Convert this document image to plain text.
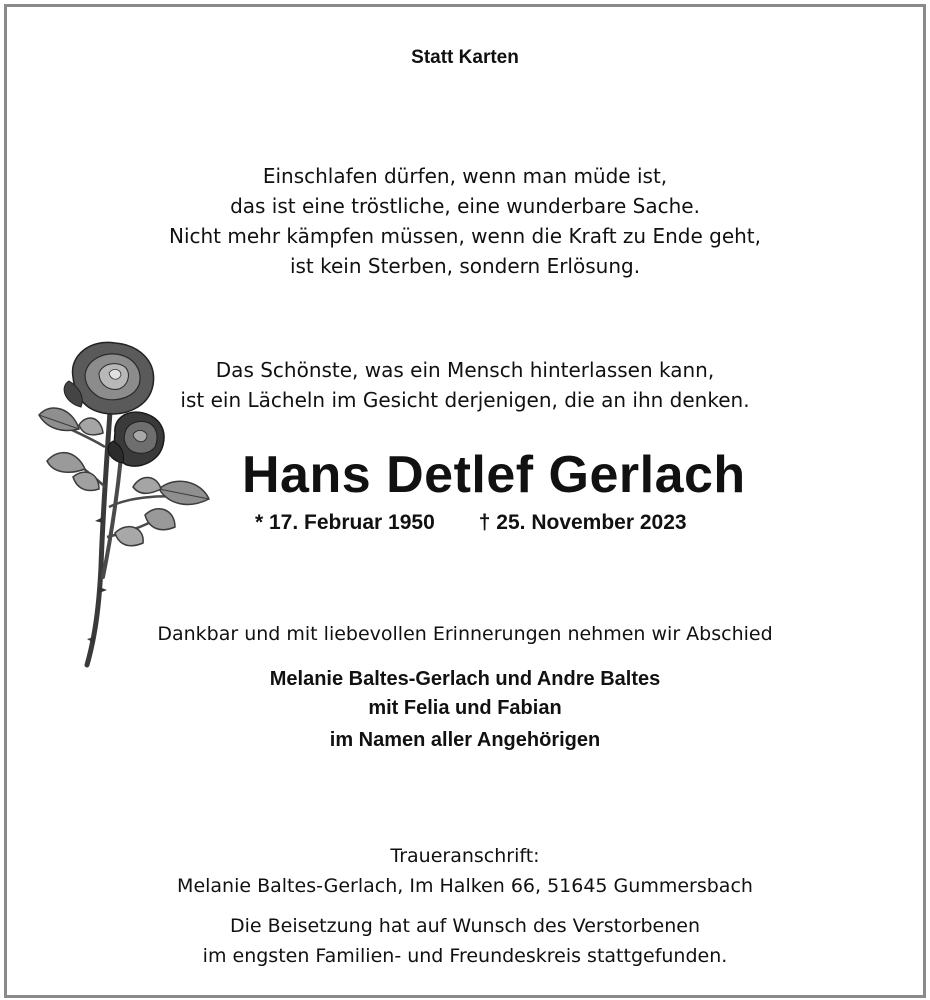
Statt Karten
Einschlafen dürfen, wenn man müde ist,
das ist eine tröstliche, eine wunderbare Sache.
Nicht mehr kämpfen müssen, wenn die Kraft zu Ende geht,
ist kein Sterben, sondern Erlösung.
Das Schönste, was ein Mensch hinterlassen kann,
ist ein Lächeln im Gesicht derjenigen, die an ihn denken.
Hans Detlef Gerlach
* 17. Februar 1950 † 25. November 2023
Dankbar und mit liebevollen Erinnerungen nehmen wir Abschied
Melanie Baltes-Gerlach und Andre Baltes
mit Felia und Fabian
im Namen aller Angehörigen
Traueranschrift:
Melanie Baltes-Gerlach, Im Halken 66, 51645 Gummersbach
Die Beisetzung hat auf Wunsch des Verstorbenen
im engsten Familien- und Freundeskreis stattgefunden.
